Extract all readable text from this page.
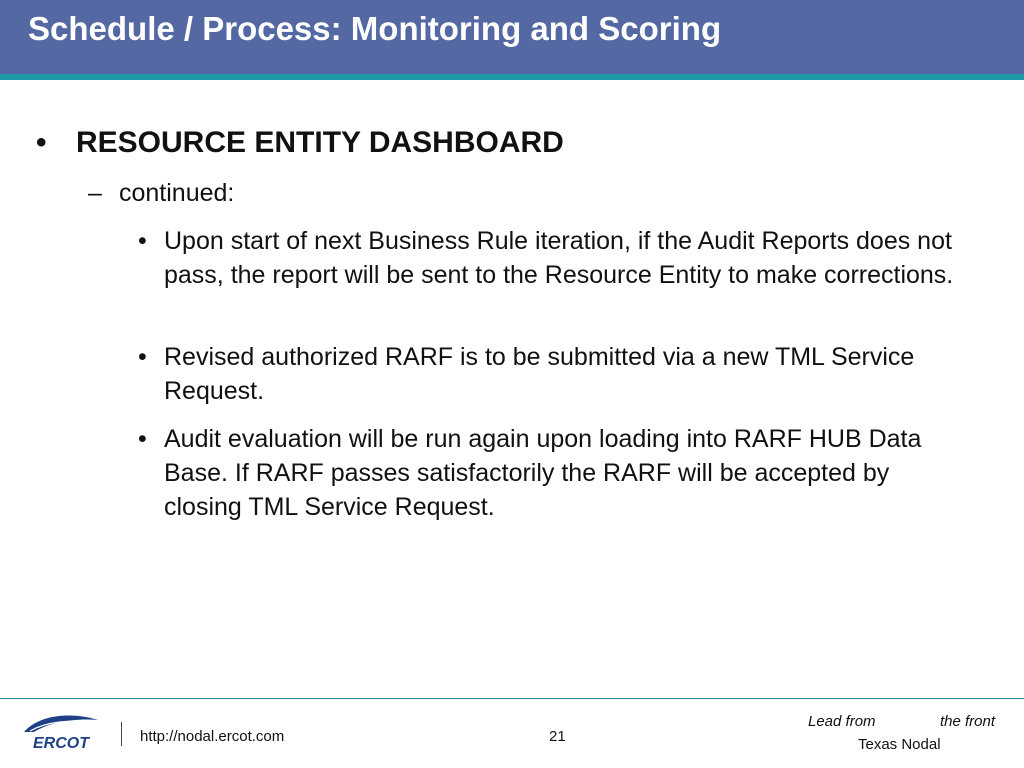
Schedule / Process: Monitoring and Scoring
• RESOURCE ENTITY DASHBOARD
– continued:
• Upon start of next Business Rule iteration, if the Audit Reports does not pass, the report will be sent to the Resource Entity to make corrections.
• Revised authorized RARF is to be submitted via a new TML Service Request.
• Audit evaluation will be run again upon loading into RARF HUB Data Base. If RARF passes satisfactorily the RARF will be accepted by closing TML Service Request.
ERCOT	http://nodal.ercot.com	21
Lead from	the front
Texas Nodal
